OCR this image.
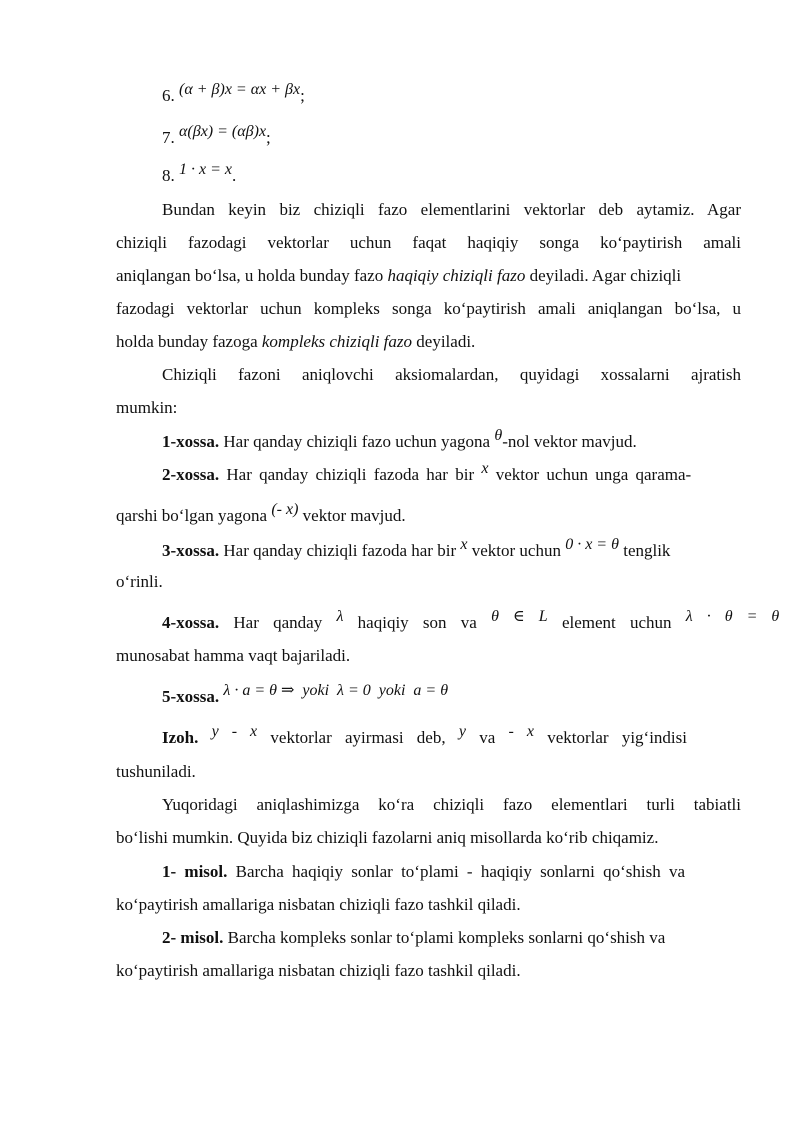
6. (α + β)x = αx + βx;
7. α(βx) = (αβ)x;
8. 1 · x = x.
Bundan keyin biz chiziqli fazo elementlarini vektorlar deb aytamiz. Agar
chiziqli fazodagi vektorlar uchun faqat haqiqiy songa ko‘paytirish amali
aniqlangan bo‘lsa, u holda bunday fazo haqiqiy chiziqli fazo deyiladi. Agar chiziqli
fazodagi vektorlar uchun kompleks songa ko‘paytirish amali aniqlangan bo‘lsa, u
holda bunday fazoga kompleks chiziqli fazo deyiladi.
Chiziqli fazoni aniqlovchi aksiomalardan, quyidagi xossalarni ajratish
mumkin:
1-xossa. Har qanday chiziqli fazo uchun yagona θ-nol vektor mavjud.
2-xossa. Har qanday chiziqli fazoda har bir x vektor uchun unga qarama-
qarshi bo‘lgan yagona (- x) vektor mavjud.
3-xossa. Har qanday chiziqli fazoda har bir x vektor uchun 0 · x = θ tenglik
o‘rinli.
4-xossa. Har qanday λ haqiqiy son va θ ∈ L element uchun λ · θ = θ
munosabat hamma vaqt bajariladi.
5-xossa. λ · a = θ ⇒  yoki  λ = 0  yoki  a = θ
Izoh. y - x vektorlar ayirmasi deb, y va - x vektorlar yig‘indisi
tushuniladi.
Yuqoridagi aniqlashimizga ko‘ra chiziqli fazo elementlari turli tabiatli
bo‘lishi mumkin. Quyida biz chiziqli fazolarni aniq misollarda ko‘rib chiqamiz.
1- misol. Barcha haqiqiy sonlar to‘plami - haqiqiy sonlarni qo‘shish va
ko‘paytirish amallariga nisbatan chiziqli fazo tashkil qiladi.
2- misol. Barcha kompleks sonlar to‘plami kompleks sonlarni qo‘shish va
ko‘paytirish amallariga nisbatan chiziqli fazo tashkil qiladi.
